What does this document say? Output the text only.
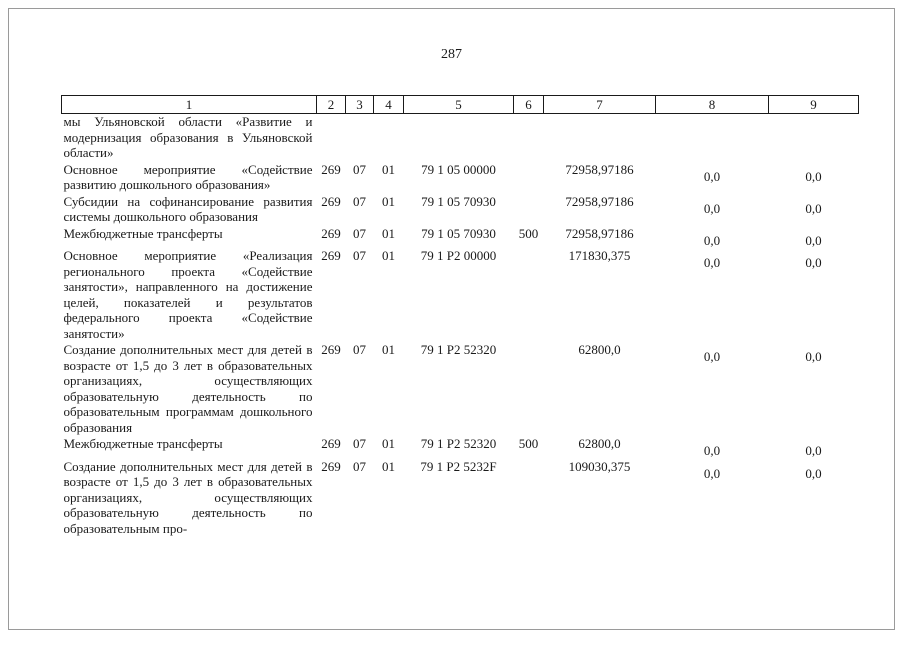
287
1	2	3	4	5	6	7	8	9
мы Ульяновской области «Развитие и модернизация образования в Ульяновской области»								
Основное мероприятие «Содействие развитию дошкольного образования»	269	07	01	79 1 05 00000		72958,97186	0,0	0,0
Субсидии на софинансирование развития системы дошкольного образования	269	07	01	79 1 05 70930		72958,97186	0,0	0,0
Межбюджетные трансферты	269	07	01	79 1 05 70930	500	72958,97186	0,0	0,0
Основное мероприятие «Реализация регионального проекта «Содействие занятости», направленного на достижение целей, показателей и результатов федерального проекта «Содействие занятости»	269	07	01	79 1 P2 00000		171830,375	0,0	0,0
Создание дополнительных мест для детей в возрасте от 1,5 до 3 лет в образовательных организациях, осуществляющих образовательную деятельность по образовательным программам дошкольного образования	269	07	01	79 1 P2 52320		62800,0	0,0	0,0
Межбюджетные трансферты	269	07	01	79 1 P2 52320	500	62800,0	0,0	0,0
Создание дополнительных мест для детей в возрасте от 1,5 до 3 лет в образовательных организациях, осуществляющих образовательную деятельность по образовательным про-	269	07	01	79 1 P2 5232F		109030,375	0,0	0,0
